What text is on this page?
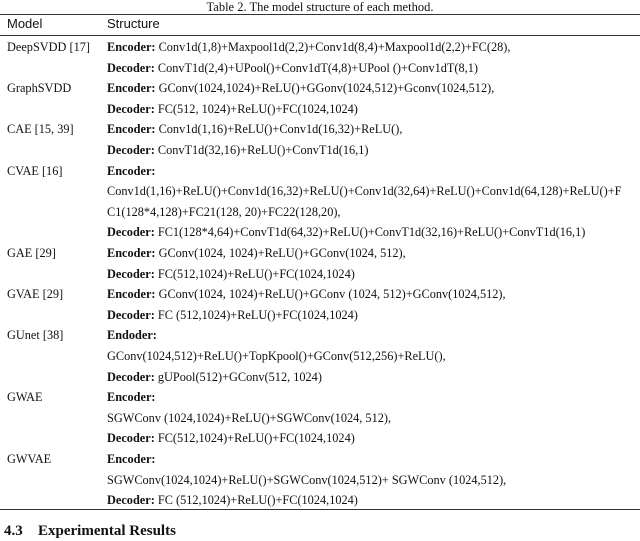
Table 2. The model structure of each method.
Model	Structure
DeepSVDD [17] Encoder: Conv1d(1,8)+Maxpool1d(2,2)+Conv1d(8,4)+Maxpool1d(2,2)+FC(28),
Decoder: ConvT1d(2,4)+UPool()+Conv1dT(4,8)+UPool ()+Conv1dT(8,1)
GraphSVDD	Encoder: GConv(1024,1024)+ReLU()+GGonv(1024,512)+Gconv(1024,512),
Decoder: FC(512, 1024)+ReLU()+FC(1024,1024)
CAE [15, 39]	Encoder: Conv1d(1,16)+ReLU()+Conv1d(16,32)+ReLU(),
Decoder: ConvT1d(32,16)+ReLU()+ConvT1d(16,1)
CVAE [16]	Encoder:
Conv1d(1,16)+ReLU()+Conv1d(16,32)+ReLU()+Conv1d(32,64)+ReLU()+Conv1d(64,128)+ReLU()+F
C1(128*4,128)+FC21(128, 20)+FC22(128,20),
Decoder: FC1(128*4,64)+ConvT1d(64,32)+ReLU()+ConvT1d(32,16)+ReLU()+ConvT1d(16,1)
GAE [29]	Encoder: GConv(1024, 1024)+ReLU()+GConv(1024, 512),
Decoder: FC(512,1024)+ReLU()+FC(1024,1024)
GVAE [29]	Encoder: GConv(1024, 1024)+ReLU()+GConv (1024, 512)+GConv(1024,512),
Decoder: FC (512,1024)+ReLU()+FC(1024,1024)
GUnet [38]	Endoder:
GConv(1024,512)+ReLU()+TopKpool()+GConv(512,256)+ReLU(),
Decoder: gUPool(512)+GConv(512, 1024)
GWAE	Encoder:
SGWConv (1024,1024)+ReLU()+SGWConv(1024, 512),
Decoder: FC(512,1024)+ReLU()+FC(1024,1024)
GWVAE	Encoder:
SGWConv(1024,1024)+ReLU()+SGWConv(1024,512)+ SGWConv (1024,512),
Decoder: FC (512,1024)+ReLU()+FC(1024,1024)
4.3 Experimental Results
